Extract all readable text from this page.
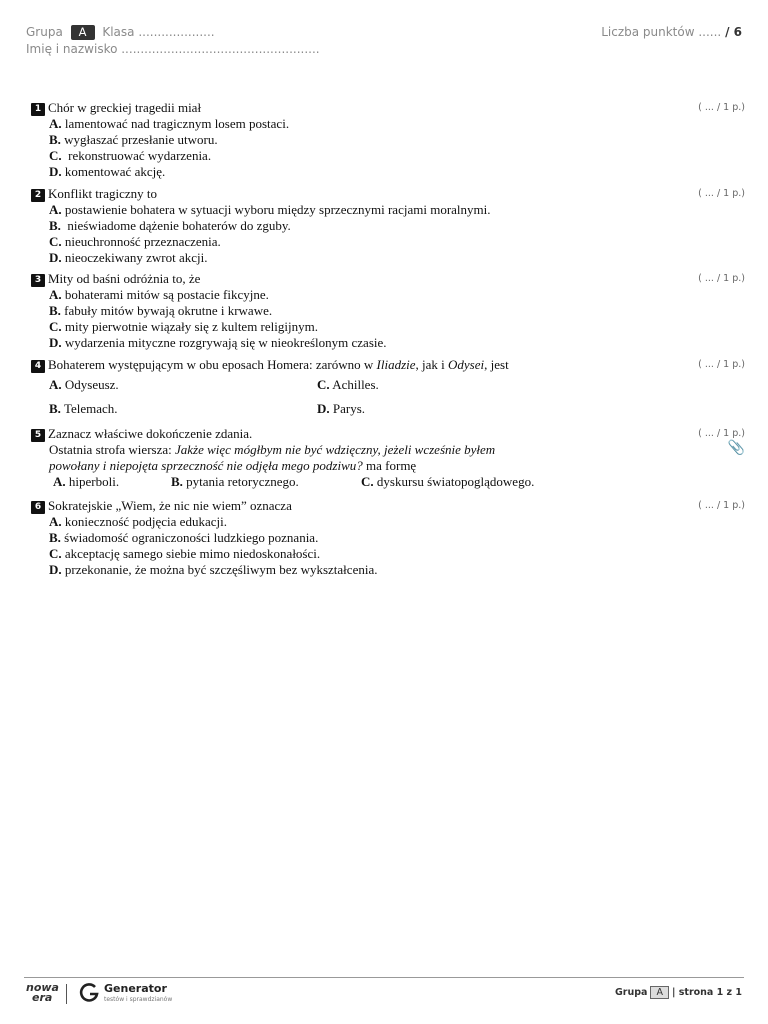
Grupa A Klasa ....................
Imię i nazwisko ....................................................
Liczba punktów ...... / 6
( ... / 1 p.)
1 Chór w greckiej tragedii miał
A. lamentować nad tragicznym losem postaci.
B. wygłaszać przesłanie utworu.
C. rekonstruować wydarzenia.
D. komentować akcję.
( ... / 1 p.)
2 Konflikt tragiczny to
A. postawienie bohatera w sytuacji wyboru między sprzecznymi racjami moralnymi.
B. nieświadome dążenie bohaterów do zguby.
C. nieuchronność przeznaczenia.
D. nieoczekiwany zwrot akcji.
( ... / 1 p.)
3 Mity od baśni odróżnia to, że
A. bohaterami mitów są postacie fikcyjne.
B. fabuły mitów bywają okrutne i krwawe.
C. mity pierwotnie wiązały się z kultem religijnym.
D. wydarzenia mityczne rozgrywają się w nieokreślonym czasie.
( ... / 1 p.)
4 Bohaterem występującym w obu eposach Homera: zarówno w Iliadzie, jak i Odysei, jest
A. Odyseusz.	C. Achilles.
B. Telemach.	D. Parys.
( ... / 1 p.)
📎
5 Zaznacz właściwe dokończenie zdania.
Ostatnia strofa wiersza: Jakże więc mógłbym nie być wdzięczny, jeżeli wcześnie byłem
powołany i niepojęta sprzeczność nie odjęła mego podziwu? ma formę
A. hiperboli.	B. pytania retorycznego.	C. dyskursu światopoglądowego.
( ... / 1 p.)
6 Sokratejskie „Wiem, że nic nie wiem” oznacza
A. konieczność podjęcia edukacji.
B. świadomość ograniczoności ludzkiego poznania.
C. akceptację samego siebie mimo niedoskonałości.
D. przekonanie, że można być szczęśliwym bez wykształcenia.
nowa
era
Generator
testów i sprawdzianów
Grupa A | strona 1 z 1
